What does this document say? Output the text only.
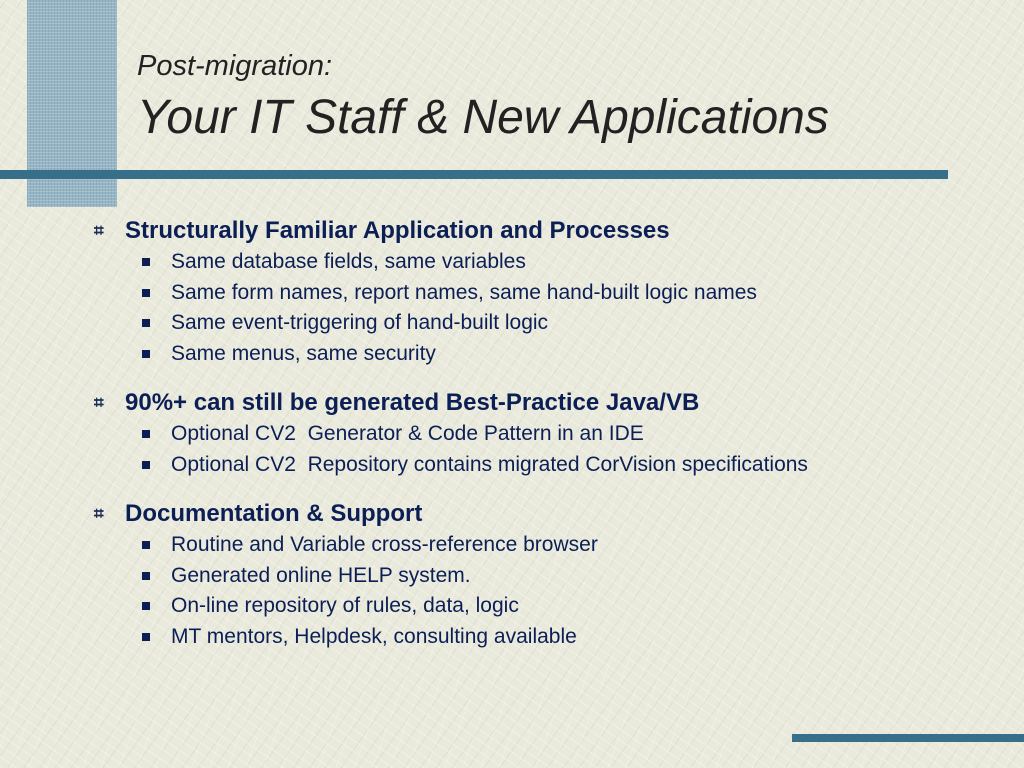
Post-migration:
Your IT Staff & New Applications
⌗ Structurally Familiar Application and Processes
Same database fields, same variables
Same form names, report names, same hand-built logic names
Same event-triggering of hand-built logic
Same menus, same security
⌗ 90%+ can still be generated Best-Practice Java/VB
Optional CV2  Generator & Code Pattern in an IDE
Optional CV2  Repository contains migrated CorVision specifications
⌗ Documentation & Support
Routine and Variable cross-reference browser
Generated online HELP system.
On-line repository of rules, data, logic
MT mentors, Helpdesk, consulting available
